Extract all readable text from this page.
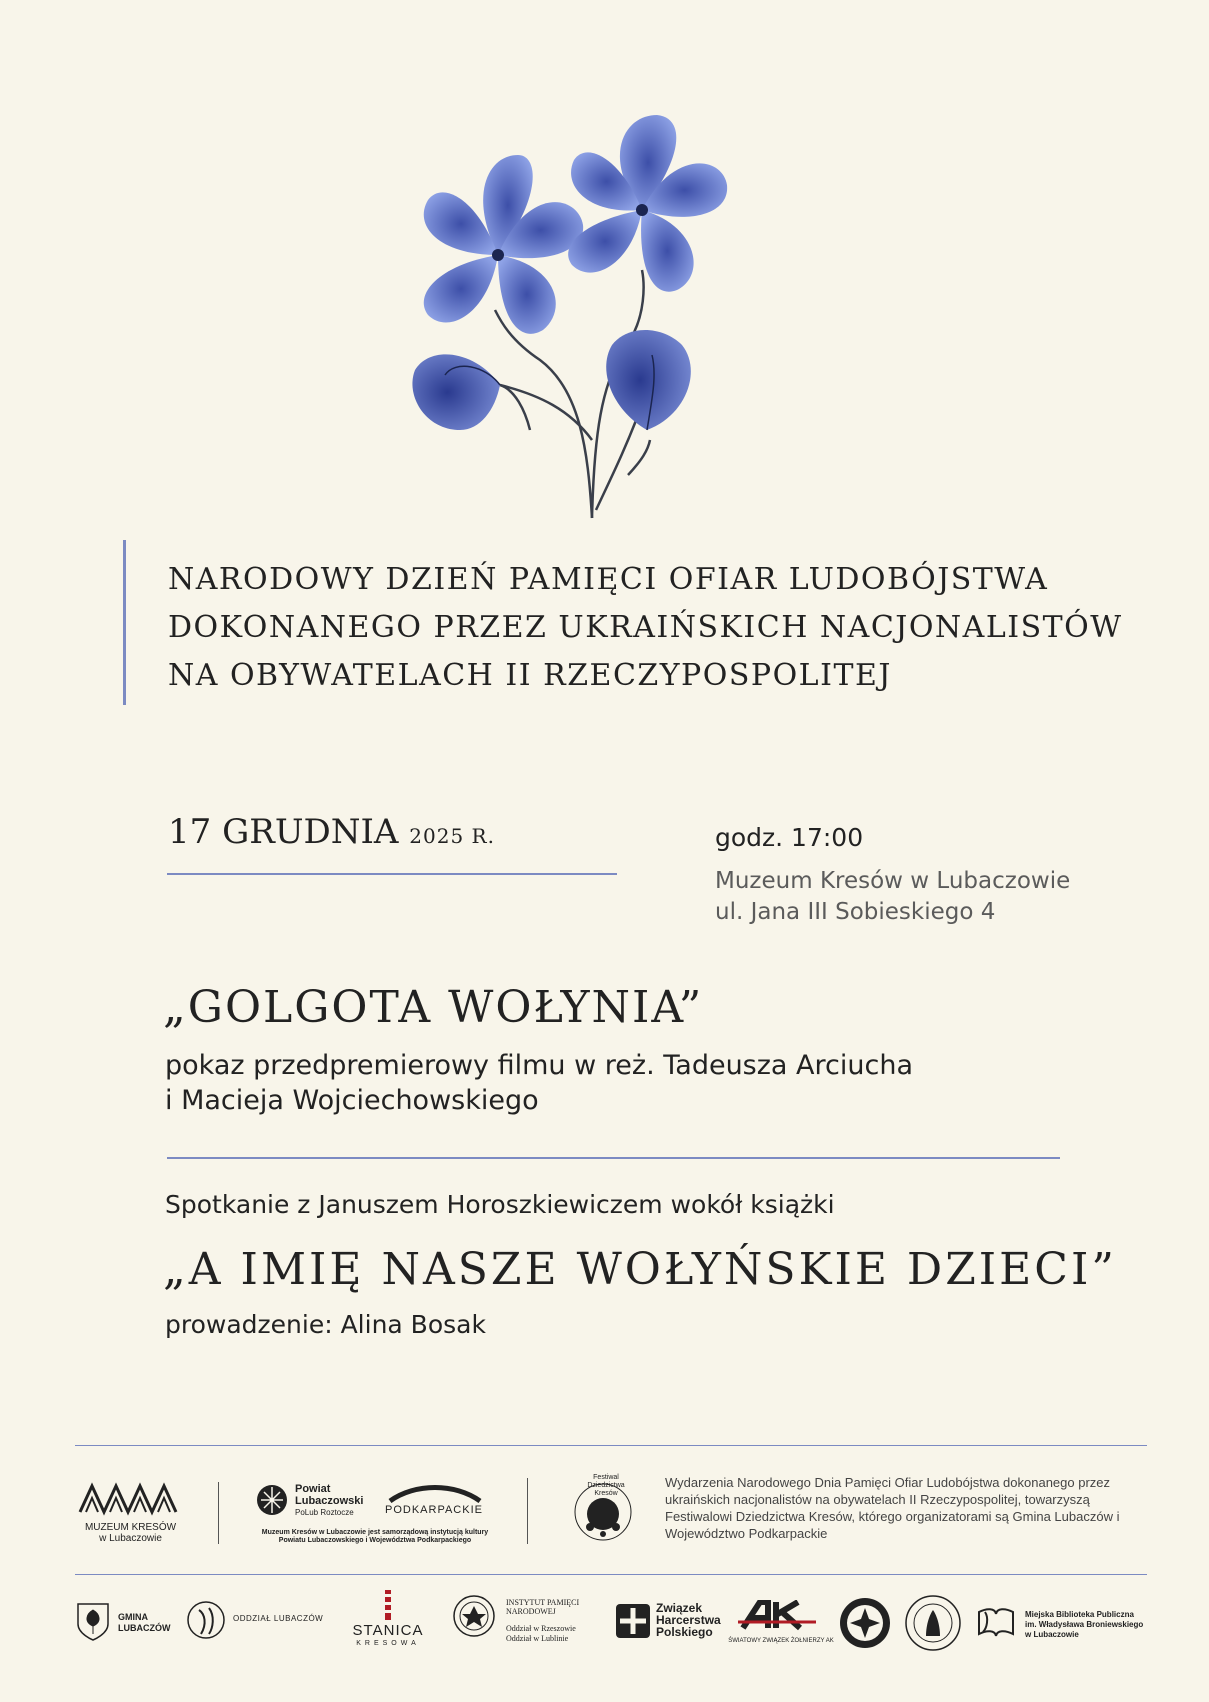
NARODOWY DZIEŃ PAMIĘCI OFIAR LUDOBÓJSTWA
DOKONANEGO PRZEZ UKRAIŃSKICH NACJONALISTÓW
NA OBYWATELACH II RZECZYPOSPOLITEJ
17 GRUDNIA 2025 R.	godz. 17:00
Muzeum Kresów w Lubaczowie
ul. Jana III Sobieskiego 4
„GOLGOTA WOŁYNIA”
pokaz przedpremierowy filmu w reż. Tadeusza Arciucha
i Macieja Wojciechowskiego
Spotkanie z Januszem Horoszkiewiczem wokół książki
„A IMIĘ NASZE WOŁYŃSKIE DZIECI”
prowadzenie: Alina Bosak
MUZEUM KRESÓW
w Lubaczowie
Powiat
Lubaczowski
PoLub Roztocze	PODKARPACKIE
Muzeum Kresów w Lubaczowie jest samorządową instytucją kultury
Powiatu Lubaczowskiego i Województwa Podkarpackiego
Festiwal Dziedzictwa Kresów
Wydarzenia Narodowego Dnia Pamięci Ofiar Ludobójstwa dokonanego przez ukraińskich nacjonalistów na obywatelach II Rzeczypospolitej, towarzyszą Festiwalowi Dziedzictwa Kresów, którego organizatorami są Gmina Lubaczów i Województwo Podkarpackie
GMINA
LUBACZÓW
ODDZIAŁ LUBACZÓW
STANICA
KRESOWA
INSTYTUT PAMIĘCI
NARODOWEJ
Oddział w Rzeszowie
Oddział w Lublinie
Związek
Harcerstwa
Polskiego
ŚWIATOWY ZWIĄZEK ŻOŁNIERZY AK
Miejska Biblioteka Publiczna
im. Władysława Broniewskiego
w Lubaczowie
